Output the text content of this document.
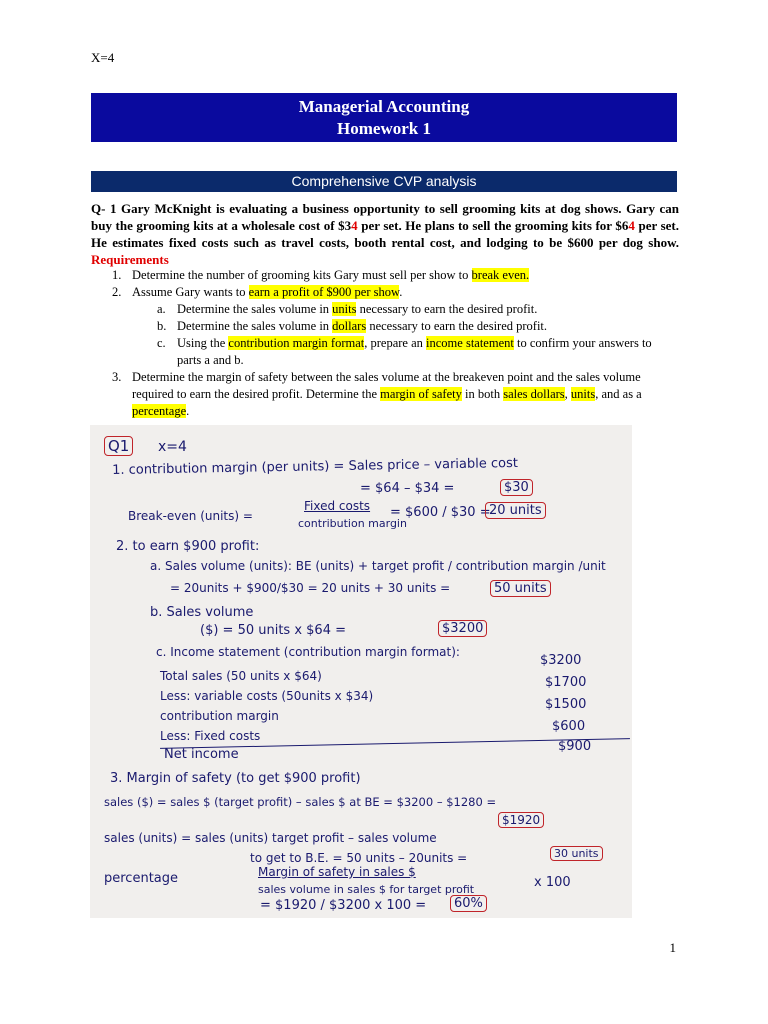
X=4
Managerial Accounting
Homework 1
Comprehensive CVP analysis
Q- 1 Gary McKnight is evaluating a business opportunity to sell grooming kits at dog shows. Gary can buy the grooming kits at a wholesale cost of $34 per set. He plans to sell the grooming kits for $64 per set. He estimates fixed costs such as travel costs, booth rental cost, and lodging to be $600 per dog show. Requirements
1. Determine the number of grooming kits Gary must sell per show to break even.
2. Assume Gary wants to earn a profit of $900 per show.
a. Determine the sales volume in units necessary to earn the desired profit.
b. Determine the sales volume in dollars necessary to earn the desired profit.
c. Using the contribution margin format, prepare an income statement to confirm your answers to parts a and b.
3. Determine the margin of safety between the sales volume at the breakeven point and the sales volume required to earn the desired profit. Determine the margin of safety in both sales dollars, units, and as a percentage.
Q1 x=4
1. contribution margin (per units) = Sales price – variable cost
= $64 – $34 =	$30
Break-even (units) =
Fixed costs
contribution margin
= $600 / $30 =
20 units
2. to earn $900 profit:
a. Sales volume (units): BE (units) + target profit / contribution margin /unit
= 20units + $900/$30 = 20 units + 30 units =	50 units
b. Sales volume
($) = 50 units x $64 =	$3200
c. Income statement (contribution margin format):
Total sales (50 units x $64)
$3200
Less: variable costs (50units x $34)
$1700
contribution margin
$1500
Less: Fixed costs
$600
Net income
$900
3. Margin of safety (to get $900 profit)
sales ($) = sales $ (target profit) – sales $ at BE = $3200 – $1280 =
$1920
sales (units) = sales (units) target profit – sales volume
to get to B.E. = 50 units – 20units =	30 units
percentage	Margin of safety in sales $
sales volume in sales $ for target profit	x 100
= $1920 / $3200 x 100 =	60%
1
